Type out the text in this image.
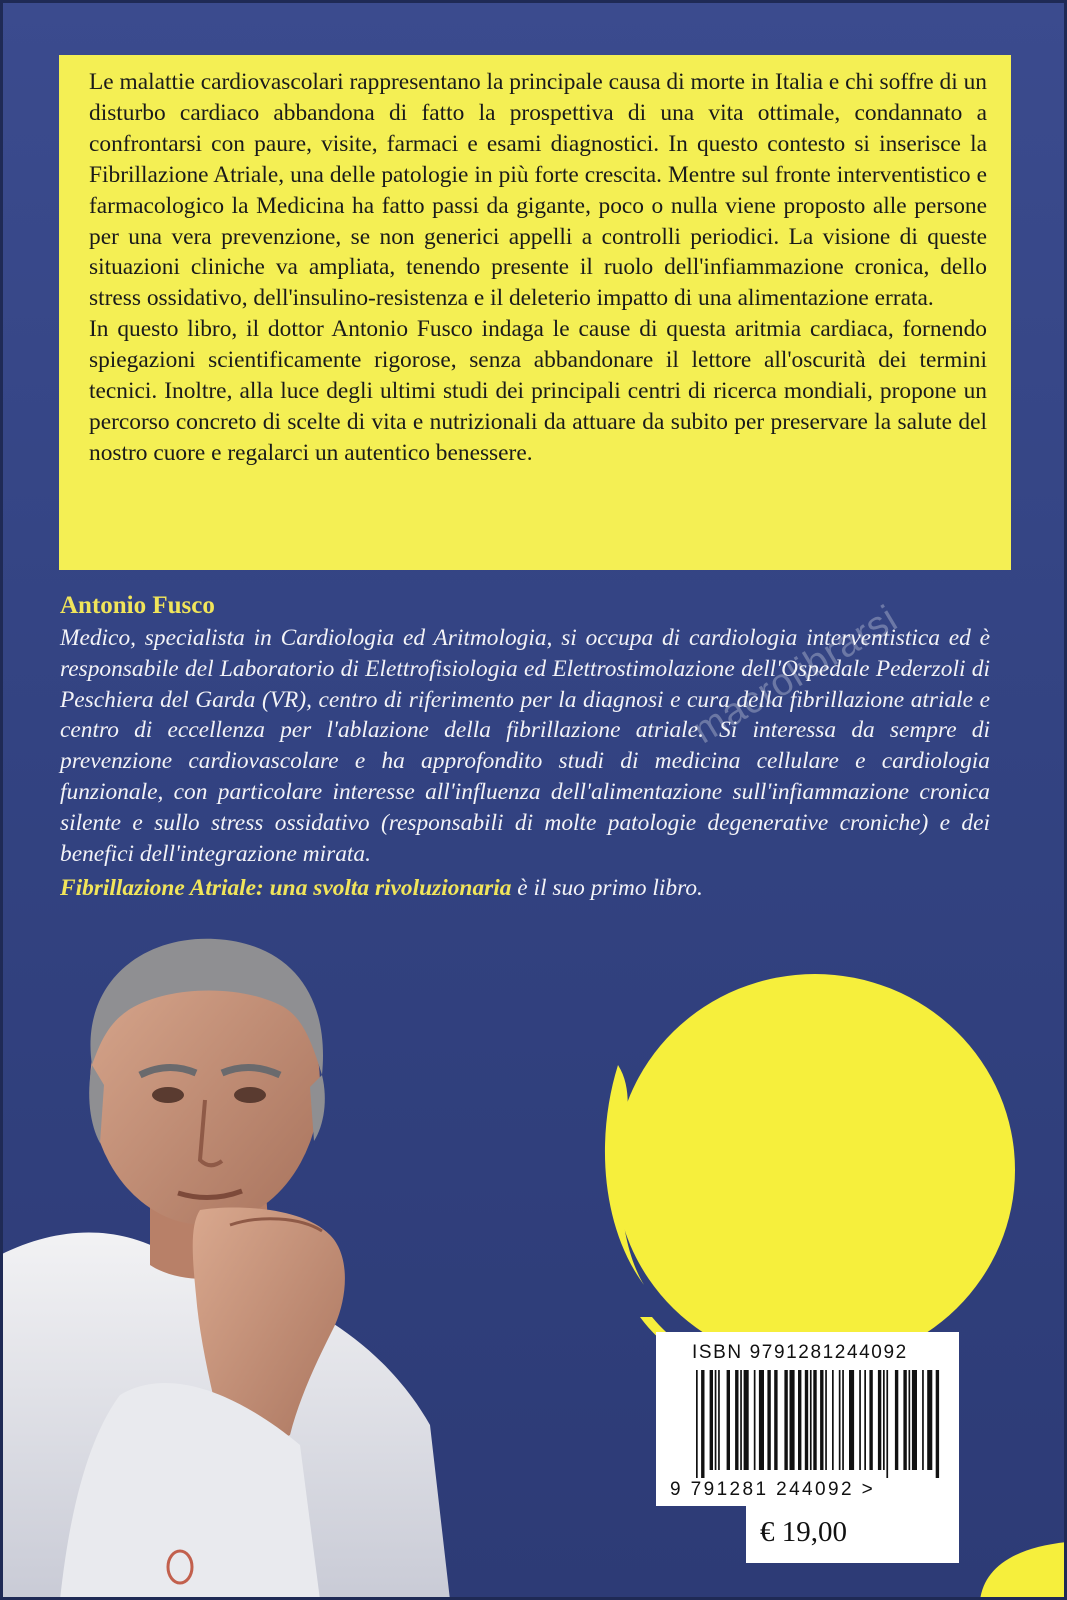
Le malattie cardiovascolari rappresentano la principale causa di morte in Italia e chi soffre di un disturbo cardiaco abbandona di fatto la prospettiva di una vita ottimale, condannato a confrontarsi con paure, visite, farmaci e esami diagnostici. In questo contesto si inserisce la Fibrillazione Atriale, una delle patologie in più forte crescita. Mentre sul fronte interventistico e farmacologico la Medicina ha fatto passi da gigante, poco o nulla viene proposto alle persone per una vera prevenzione, se non generici appelli a controlli periodici. La visione di queste situazioni cliniche va ampliata, tenendo presente il ruolo dell'infiammazione cronica, dello stress ossidativo, dell'insulino-resistenza e il deleterio impatto di una alimentazione errata.

In questo libro, il dottor Antonio Fusco indaga le cause di questa aritmia cardiaca, fornendo spiegazioni scientificamente rigorose, senza abbandonare il lettore all'oscurità dei termini tecnici. Inoltre, alla luce degli ultimi studi dei principali centri di ricerca mondiali, propone un percorso concreto di scelte di vita e nutrizionali da attuare da subito per preservare la salute del nostro cuore e regalarci un autentico benessere.

Antonio Fusco

Medico, specialista in Cardiologia ed Aritmologia, si occupa di cardiologia interventistica ed è responsabile del Laboratorio di Elettrofisiologia ed Elettrostimolazione dell'Ospedale Pederzoli di Peschiera del Garda (VR), centro di riferimento per la diagnosi e cura della fibrillazione atriale e centro di eccellenza per l'ablazione della fibrillazione atriale. Si interessa da sempre di prevenzione cardiovascolare e ha approfondito studi di medicina cellulare e cardiologia funzionale, con particolare interesse all'influenza dell'alimentazione sull'infiammazione cronica silente e sullo stress ossidativo (responsabili di molte patologie degenerative croniche) e dei benefici dell'integrazione mirata.

Fibrillazione Atriale: una svolta rivoluzionaria è il suo primo libro.

macrolibrarsi
ISBN 9791281244092
9 791281 244092 >
€ 19,00
